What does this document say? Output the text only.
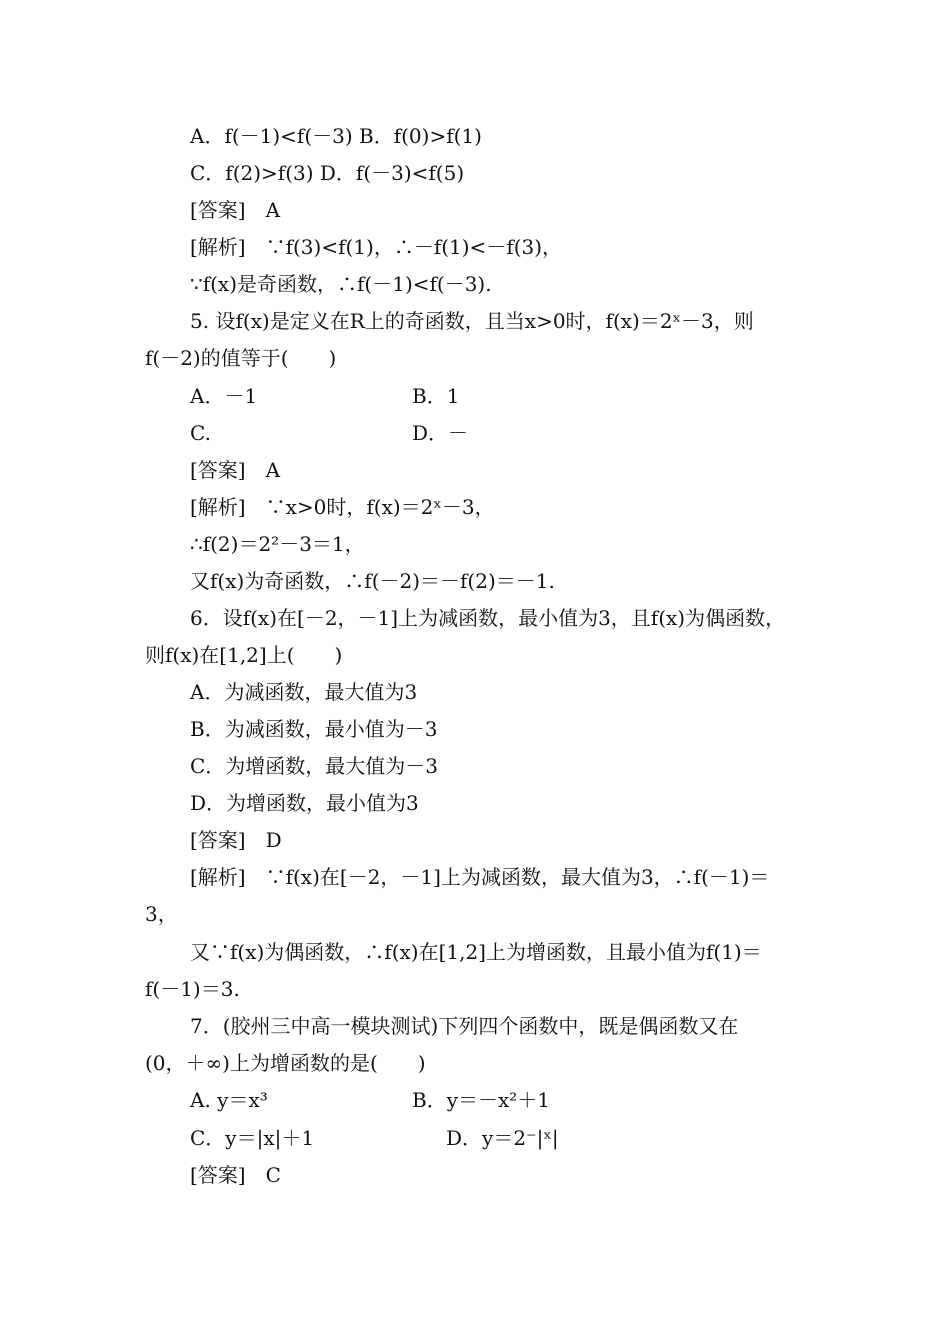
A．f(－1)<f(－3) B．f(0)>f(1)
C．f(2)>f(3) D．f(－3)<f(5)
[答案]　A
[解析]　∵f(3)<f(1)，∴－f(1)<－f(3)，
∵f(x)是奇函数，∴f(－1)<f(－3).
5. 设f(x)是定义在R上的奇函数，且当x>0时，f(x)＝2ˣ－3，则
f(－2)的值等于(　　)
A．－1	B．1
C.	D．－
[答案]　A
[解析]　∵x>0时，f(x)＝2ˣ－3，
∴f(2)＝2²－3＝1，
又f(x)为奇函数，∴f(－2)＝－f(2)＝－1.
6．设f(x)在[－2，－1]上为减函数，最小值为3，且f(x)为偶函数，
则f(x)在[1,2]上(　　)
A．为减函数，最大值为3
B．为减函数，最小值为－3
C．为增函数，最大值为－3
D．为增函数，最小值为3
[答案]　D
[解析]　∵f(x)在[－2，－1]上为减函数，最大值为3，∴f(－1)＝
3，
又∵f(x)为偶函数，∴f(x)在[1,2]上为增函数，且最小值为f(1)＝
f(－1)＝3.
7．(胶州三中高一模块测试)下列四个函数中，既是偶函数又在
(0，＋∞)上为增函数的是(　　)
A. y＝x³	B．y＝－x²＋1
C．y＝|x|＋1	D．y＝2⁻|ˣ|
[答案]　C
